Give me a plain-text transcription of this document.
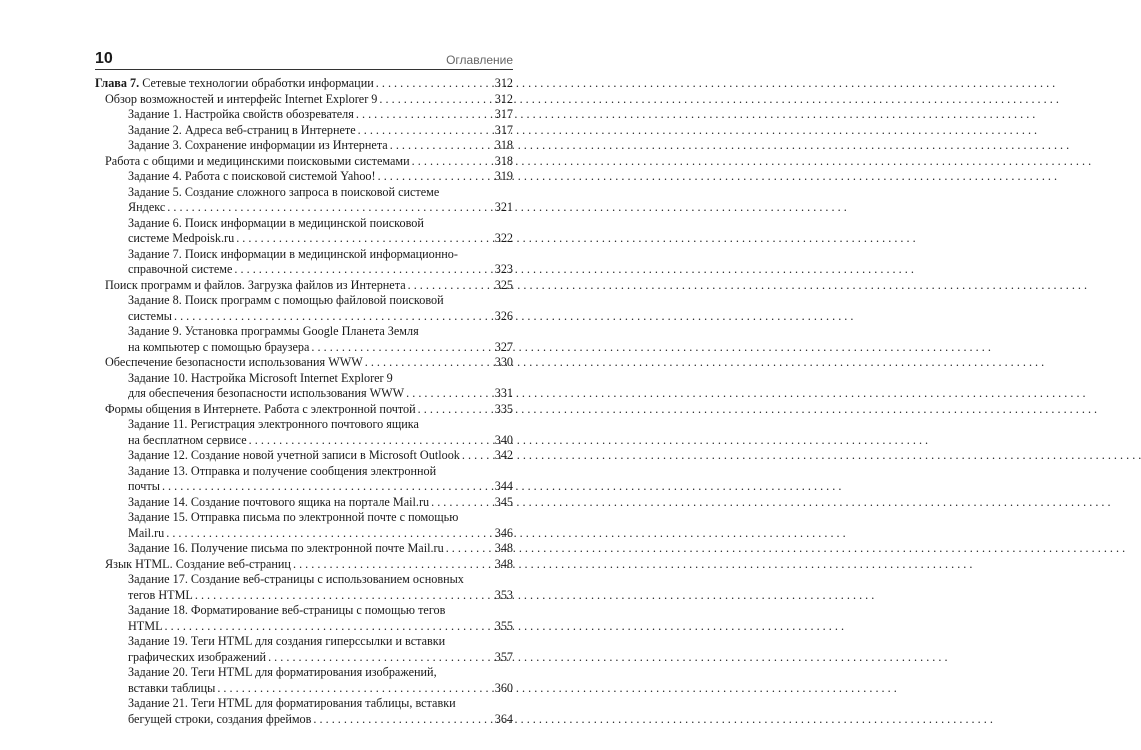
10	Оглавление
Глава 7. Сетевые технологии обработки информации . . .	312
Обзор возможностей и интерфейс Internet Explorer 9 . . .	312
Задание 1. Настройка свойств обозревателя . . .	317
Задание 2. Адреса веб-страниц в Интернете . . .	317
Задание 3. Сохранение информации из Интернета . . .	318
Работа с общими и медицинскими поисковыми системами . . .	318
Задание 4. Работа с поисковой системой Yahoo! . . .	319
Задание 5. Создание сложного запроса в поисковой системе
Яндекс . . .	321
Задание 6. Поиск информации в медицинской поисковой
системе Medpoisk.ru . . .	322
Задание 7. Поиск информации в медицинской информационно-
справочной системе . . .	323
Поиск программ и файлов. Загрузка файлов из Интернета . . .	325
Задание 8. Поиск программ с помощью файловой поисковой
системы . . .	326
Задание 9. Установка программы Google Планета Земля
на компьютер с помощью браузера . . .	327
Обеспечение безопасности использования WWW . . .	330
Задание 10. Настройка Microsoft Internet Explorer 9
для обеспечения безопасности использования WWW . . .	331
Формы общения в Интернете. Работа с электронной почтой . . .	335
Задание 11. Регистрация электронного почтового ящика
на бесплатном сервисе . . .	340
Задание 12. Создание новой учетной записи в Microsoft Outlook . . .	342
Задание 13. Отправка и получение сообщения электронной
почты . . .	344
Задание 14. Создание почтового ящика на портале Mail.ru . . .	345
Задание 15. Отправка письма по электронной почте с помощью
Mail.ru . . .	346
Задание 16. Получение письма по электронной почте Mail.ru . . .	348
Язык HTML. Создание веб-страниц . . .	348
Задание 17. Создание веб-страницы с использованием основных
тегов HTML . . .	353
Задание 18. Форматирование веб-страницы с помощью тегов
HTML . . .	355
Задание 19. Теги HTML для создания гиперссылки и вставки
графических изображений . . .	357
Задание 20. Теги HTML для форматирования изображений,
вставки таблицы . . .	360
Задание 21. Теги HTML для форматирования таблицы, вставки
бегущей строки, создания фреймов . . .	364
